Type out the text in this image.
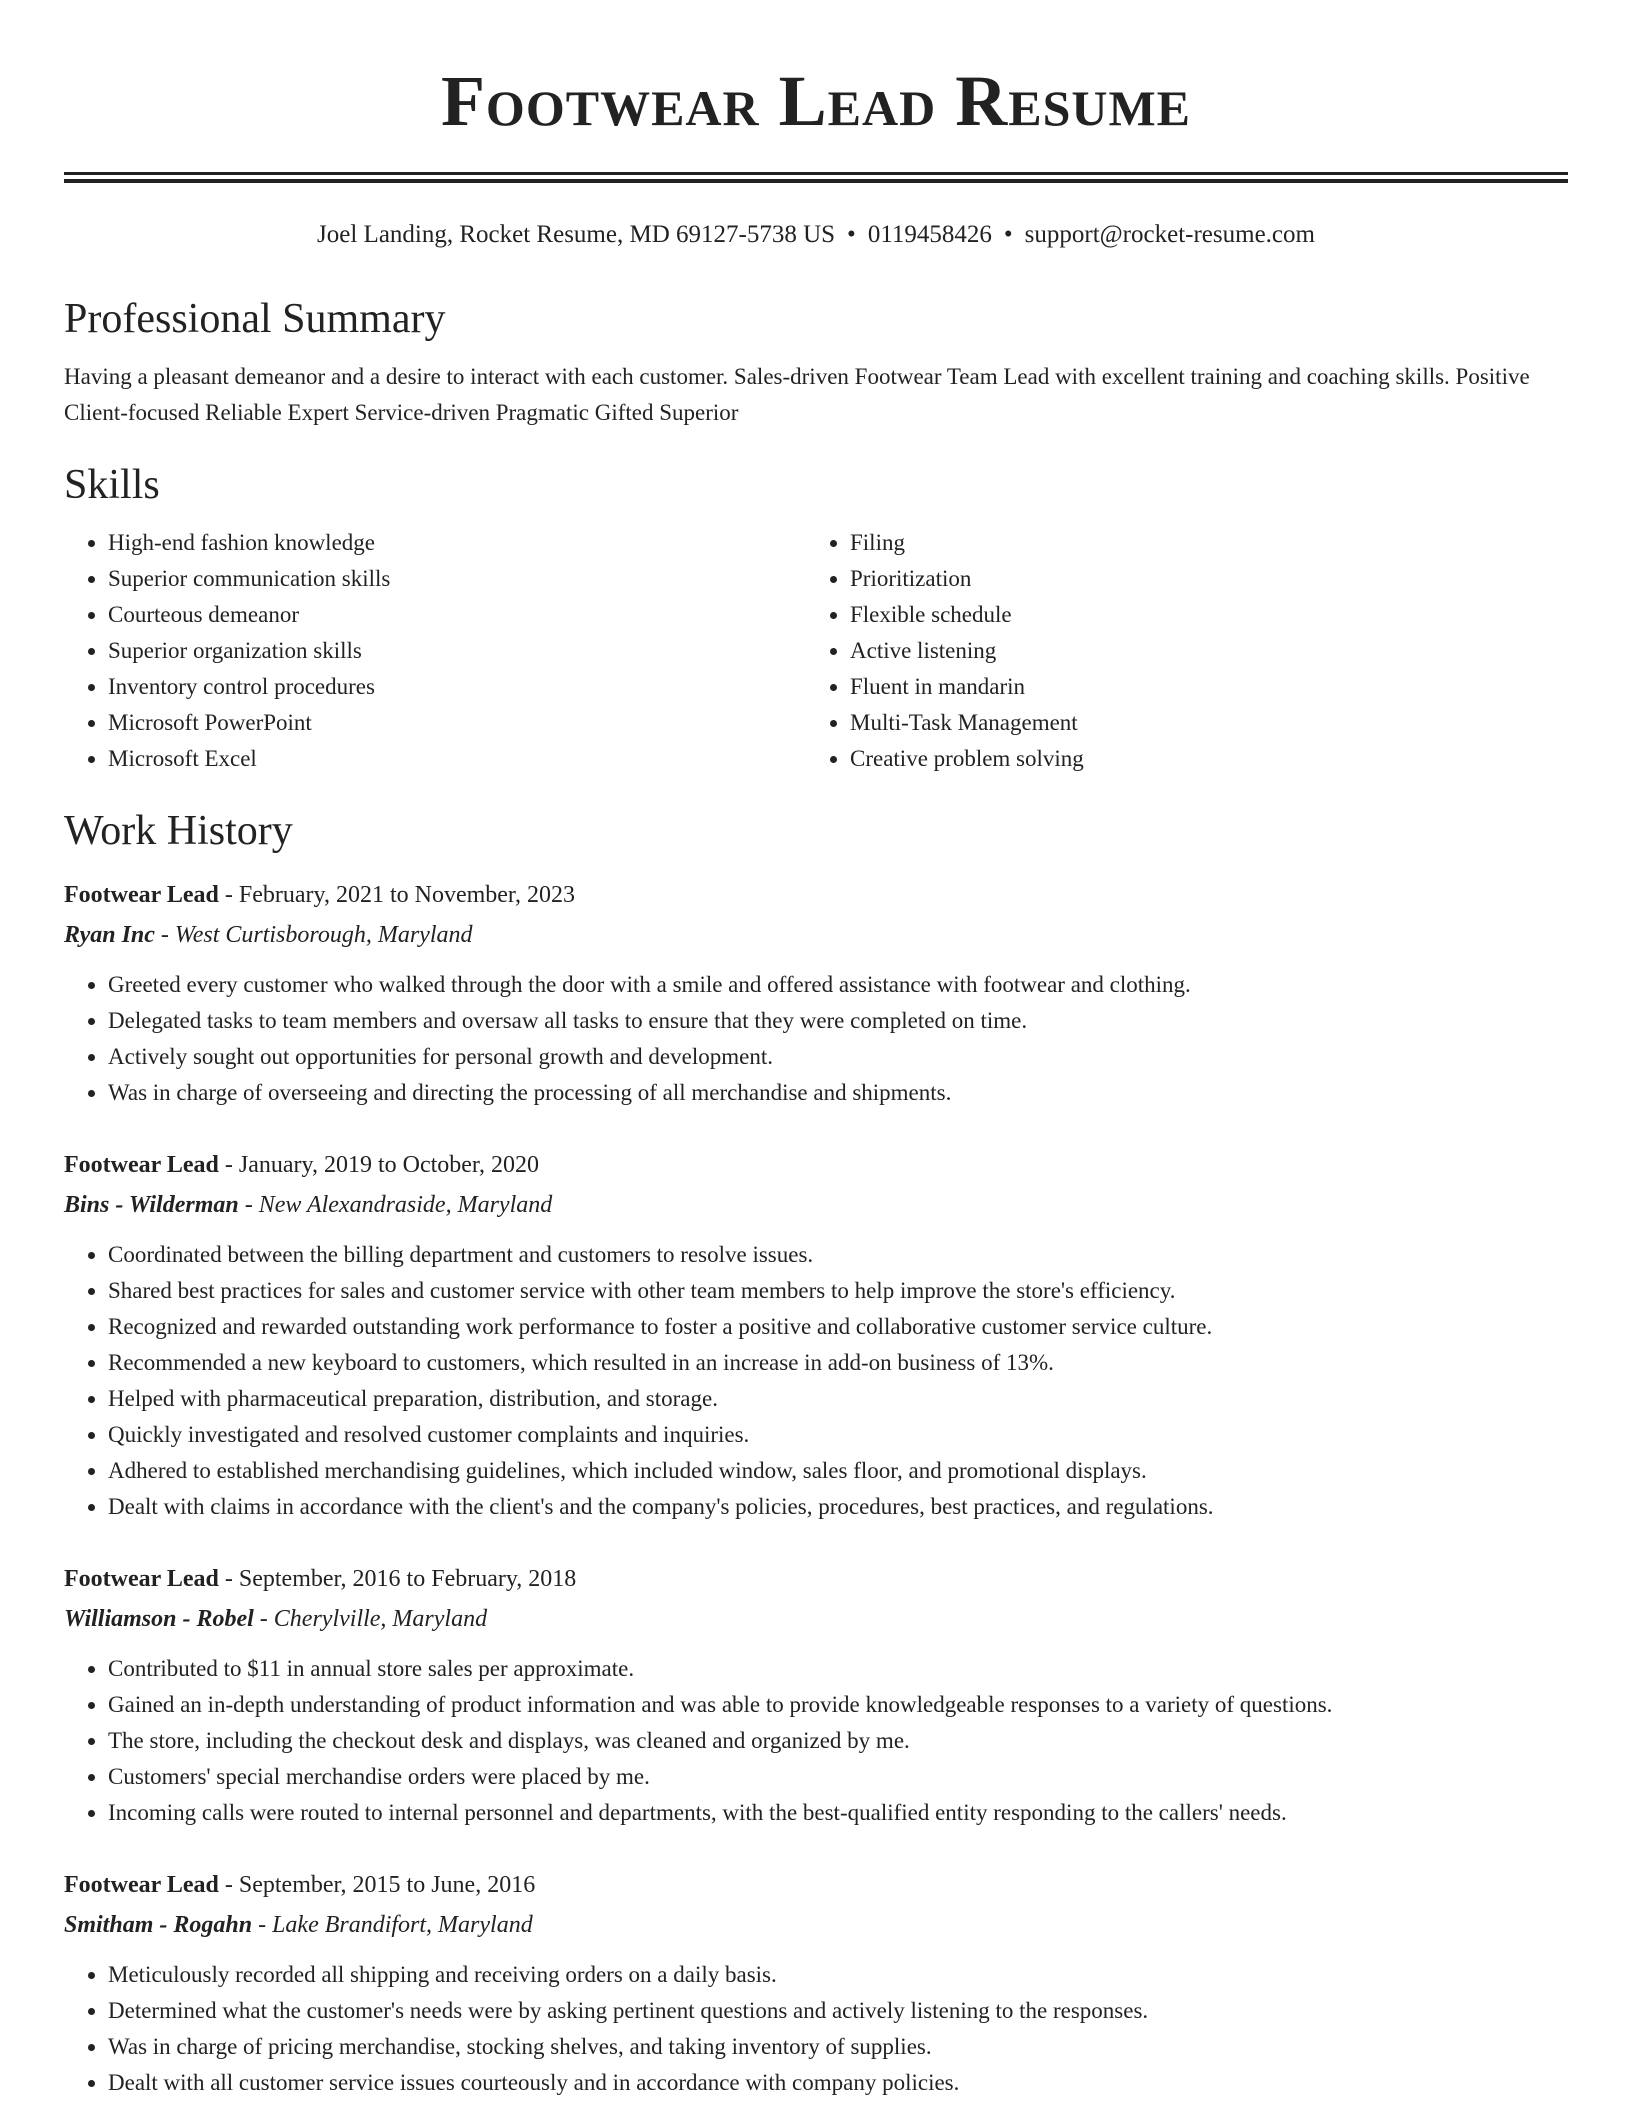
Footwear Lead Resume
Joel Landing, Rocket Resume, MD 69127-5738 US • 0119458426 • support@rocket-resume.com
Professional Summary

Having a pleasant demeanor and a desire to interact with each customer. Sales-driven Footwear Team Lead with excellent training and coaching skills. Positive Client-focused Reliable Expert Service-driven Pragmatic Gifted Superior

Skills
• High-end fashion knowledge
• Superior communication skills
• Courteous demeanor
• Superior organization skills
• Inventory control procedures
• Microsoft PowerPoint
• Microsoft Excel
• Filing
• Prioritization
• Flexible schedule
• Active listening
• Fluent in mandarin
• Multi-Task Management
• Creative problem solving
Work History
Footwear Lead - February, 2021 to November, 2023
Ryan Inc - West Curtisborough, Maryland
• Greeted every customer who walked through the door with a smile and offered assistance with footwear and clothing.
• Delegated tasks to team members and oversaw all tasks to ensure that they were completed on time.
• Actively sought out opportunities for personal growth and development.
• Was in charge of overseeing and directing the processing of all merchandise and shipments.
Footwear Lead - January, 2019 to October, 2020
Bins - Wilderman - New Alexandraside, Maryland
• Coordinated between the billing department and customers to resolve issues.
• Shared best practices for sales and customer service with other team members to help improve the store's efficiency.
• Recognized and rewarded outstanding work performance to foster a positive and collaborative customer service culture.
• Recommended a new keyboard to customers, which resulted in an increase in add-on business of 13%.
• Helped with pharmaceutical preparation, distribution, and storage.
• Quickly investigated and resolved customer complaints and inquiries.
• Adhered to established merchandising guidelines, which included window, sales floor, and promotional displays.
• Dealt with claims in accordance with the client's and the company's policies, procedures, best practices, and regulations.
Footwear Lead - September, 2016 to February, 2018
Williamson - Robel - Cherylville, Maryland
• Contributed to $11 in annual store sales per approximate.
• Gained an in-depth understanding of product information and was able to provide knowledgeable responses to a variety of questions.
• The store, including the checkout desk and displays, was cleaned and organized by me.
• Customers' special merchandise orders were placed by me.
• Incoming calls were routed to internal personnel and departments, with the best-qualified entity responding to the callers' needs.
Footwear Lead - September, 2015 to June, 2016
Smitham - Rogahn - Lake Brandifort, Maryland
• Meticulously recorded all shipping and receiving orders on a daily basis.
• Determined what the customer's needs were by asking pertinent questions and actively listening to the responses.
• Was in charge of pricing merchandise, stocking shelves, and taking inventory of supplies.
• Dealt with all customer service issues courteously and in accordance with company policies.
